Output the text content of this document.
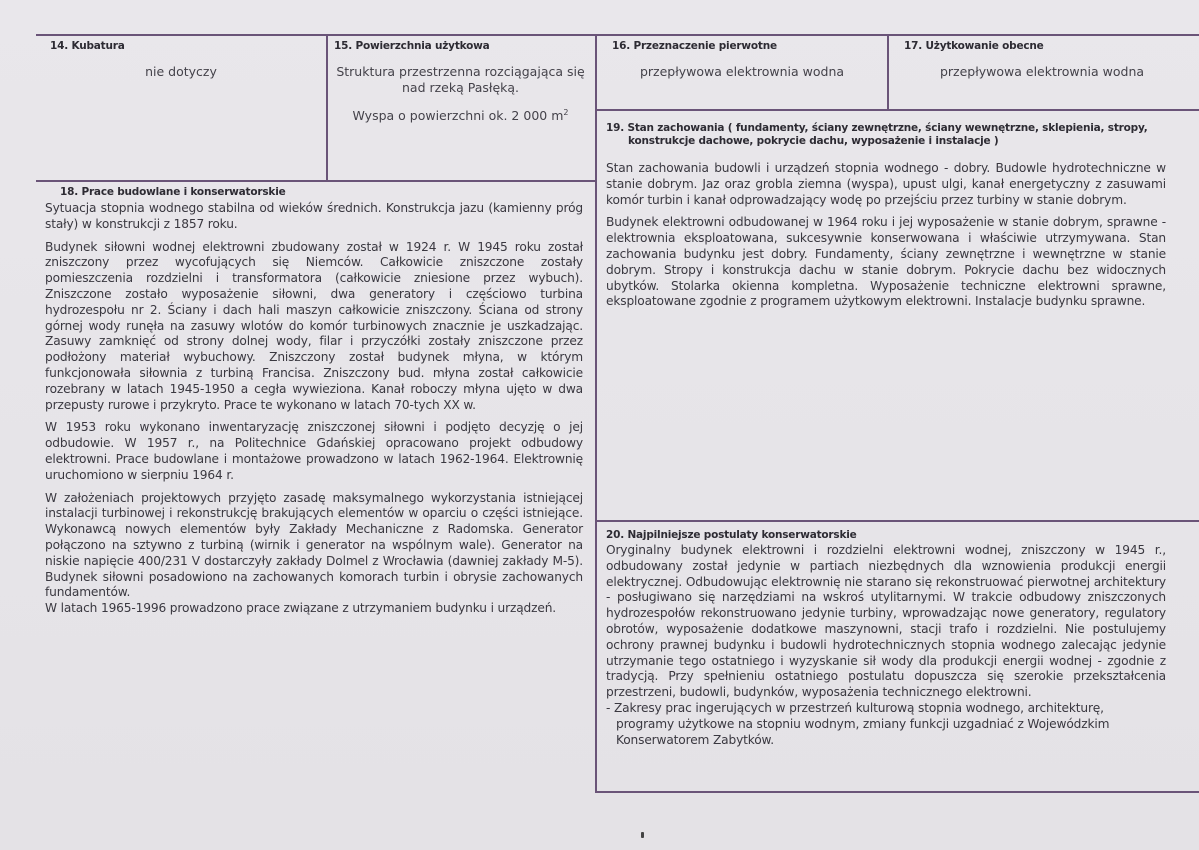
14. Kubatura
nie dotyczy
15. Powierzchnia użytkowa
Struktura przestrzenna rozciągająca się
nad rzeką Pasłęką.
Wyspa o powierzchni ok. 2 000 $m^2$
16. Przeznaczenie pierwotne
przepływowa elektrownia wodna
17. Użytkowanie obecne
przepływowa elektrownia wodna
19. Stan zachowania ( fundamenty, ściany zewnętrzne, ściany wewnętrzne, sklepienia, stropy,
konstrukcje dachowe, pokrycie dachu, wyposażenie i instalacje )

Stan zachowania budowli i urządzeń stopnia wodnego - dobry. Budowle hydrotechniczne w stanie dobrym. Jaz oraz grobla ziemna (wyspa), upust ulgi, kanał energetyczny z zasuwami komór turbin i kanał odprowadzający wodę po przejściu przez turbiny w stanie dobrym.

Budynek elektrowni odbudowanej w 1964 roku i jej wyposażenie w stanie dobrym, sprawne - elektrownia eksploatowana, sukcesywnie konserwowana i właściwie utrzymywana. Stan zachowania budynku jest dobry. Fundamenty, ściany zewnętrzne i wewnętrzne w stanie dobrym. Stropy i konstrukcja dachu w stanie dobrym. Pokrycie dachu bez widocznych ubytków. Stolarka okienna kompletna. Wyposażenie techniczne elektrowni sprawne, eksploatowane zgodnie z programem użytkowym elektrowni. Instalacje budynku sprawne.

18. Prace budowlane i konserwatorskie

Sytuacja stopnia wodnego stabilna od wieków średnich. Konstrukcja jazu (kamienny próg stały) w konstrukcji z 1857 roku.

Budynek siłowni wodnej elektrowni zbudowany został w 1924 r. W 1945 roku został zniszczony przez wycofujących się Niemców. Całkowicie zniszczone zostały pomieszczenia rozdzielni i transformatora (całkowicie zniesione przez wybuch). Zniszczone zostało wyposażenie siłowni, dwa generatory i częściowo turbina hydrozespołu nr 2. Ściany i dach hali maszyn całkowicie zniszczony. Ściana od strony górnej wody runęła na zasuwy wlotów do komór turbinowych znacznie je uszkadzając. Zasuwy zamknięć od strony dolnej wody, filar i przyczółki zostały zniszczone przez podłożony materiał wybuchowy. Zniszczony został budynek młyna, w którym funkcjonowała siłownia z turbiną Francisa. Zniszczony bud. młyna został całkowicie rozebrany w latach 1945-1950 a cegła wywieziona. Kanał roboczy młyna ujęto w dwa przepusty rurowe i przykryto. Prace te wykonano w latach 70-tych XX w.

W 1953 roku wykonano inwentaryzację zniszczonej siłowni i podjęto decyzję o jej odbudowie. W 1957 r., na Politechnice Gdańskiej opracowano projekt odbudowy elektrowni. Prace budowlane i montażowe prowadzono w latach 1962-1964. Elektrownię uruchomiono w sierpniu 1964 r.

W założeniach projektowych przyjęto zasadę maksymalnego wykorzystania istniejącej instalacji turbinowej i rekonstrukcję brakujących elementów w oparciu o części istniejące. Wykonawcą nowych elementów były Zakłady Mechaniczne z Radomska. Generator połączono na sztywno z turbiną (wirnik i generator na wspólnym wale). Generator na niskie napięcie 400/231 V dostarczyły zakłady Dolmel z Wrocławia (dawniej zakłady M-5). Budynek siłowni posadowiono na zachowanych komorach turbin i obrysie zachowanych fundamentów.

W latach 1965-1996 prowadzono prace związane z utrzymaniem budynku i urządzeń.

20. Najpilniejsze postulaty konserwatorskie

Oryginalny budynek elektrowni i rozdzielni elektrowni wodnej, zniszczony w 1945 r., odbudowany został jedynie w partiach niezbędnych dla wznowienia produkcji energii elektrycznej. Odbudowując elektrownię nie starano się rekonstruować pierwotnej architektury - posługiwano się narzędziami na wskroś utylitarnymi. W trakcie odbudowy zniszczonych hydrozespołów rekonstruowano jedynie turbiny, wprowadzając nowe generatory, regulatory obrotów, wyposażenie dodatkowe maszynowni, stacji trafo i rozdzielni. Nie postulujemy ochrony prawnej budynku i budowli hydrotechnicznych stopnia wodnego zalecając jedynie utrzymanie tego ostatniego i wyzyskanie sił wody dla produkcji energii wodnej - zgodnie z tradycją. Przy spełnieniu ostatniego postulatu dopuszcza się szerokie przekształcenia przestrzeni, budowli, budynków, wyposażenia technicznego elektrowni.

- Zakresy prac ingerujących w przestrzeń kulturową stopnia wodnego, architekturę,
programy użytkowe na stopniu wodnym, zmiany funkcji uzgadniać z Wojewódzkim
Konserwatorem Zabytków.
